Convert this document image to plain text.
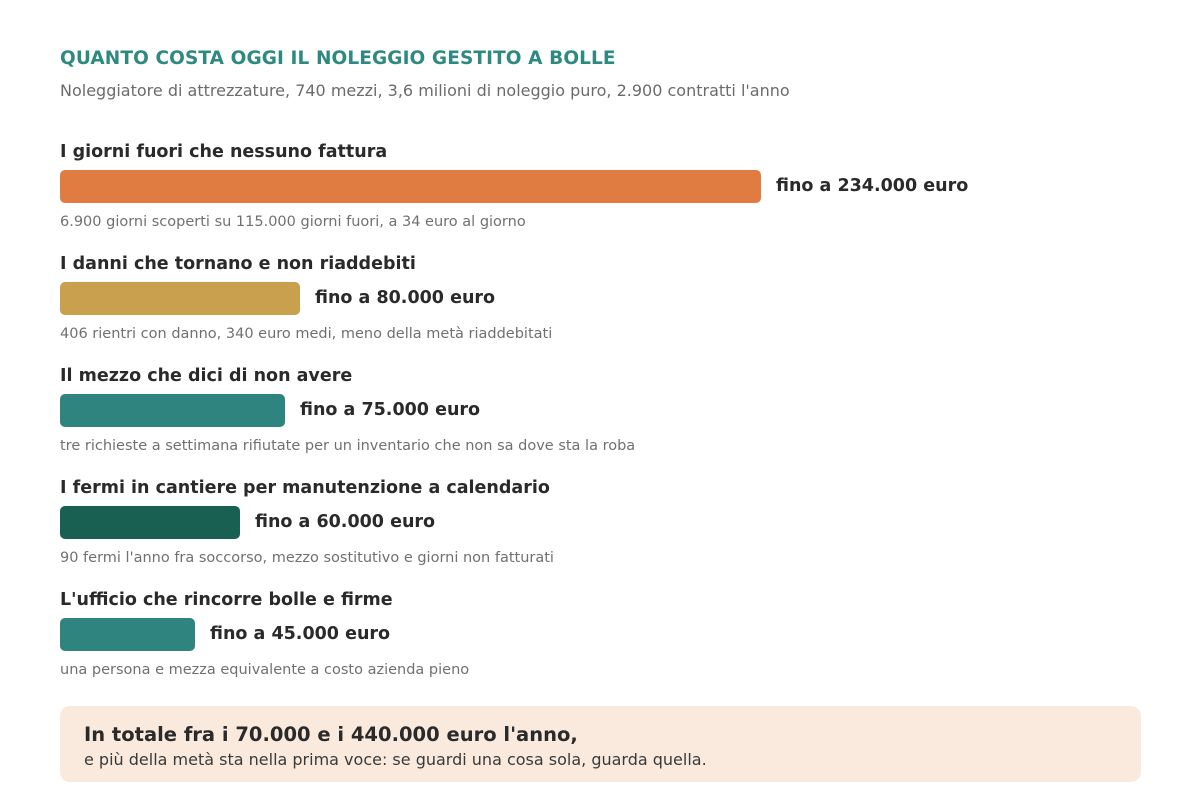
QUANTO COSTA OGGI IL NOLEGGIO GESTITO A BOLLE
Noleggiatore di attrezzature, 740 mezzi, 3,6 milioni di noleggio puro, 2.900 contratti l'anno
I giorni fuori che nessuno fattura
fino a 234.000 euro
6.900 giorni scoperti su 115.000 giorni fuori, a 34 euro al giorno
I danni che tornano e non riaddebiti
fino a 80.000 euro
406 rientri con danno, 340 euro medi, meno della metà riaddebitati
Il mezzo che dici di non avere
fino a 75.000 euro
tre richieste a settimana rifiutate per un inventario che non sa dove sta la roba
I fermi in cantiere per manutenzione a calendario
fino a 60.000 euro
90 fermi l'anno fra soccorso, mezzo sostitutivo e giorni non fatturati
L'ufficio che rincorre bolle e firme
fino a 45.000 euro
una persona e mezza equivalente a costo azienda pieno
In totale fra i 70.000 e i 440.000 euro l'anno,
e più della metà sta nella prima voce: se guardi una cosa sola, guarda quella.
